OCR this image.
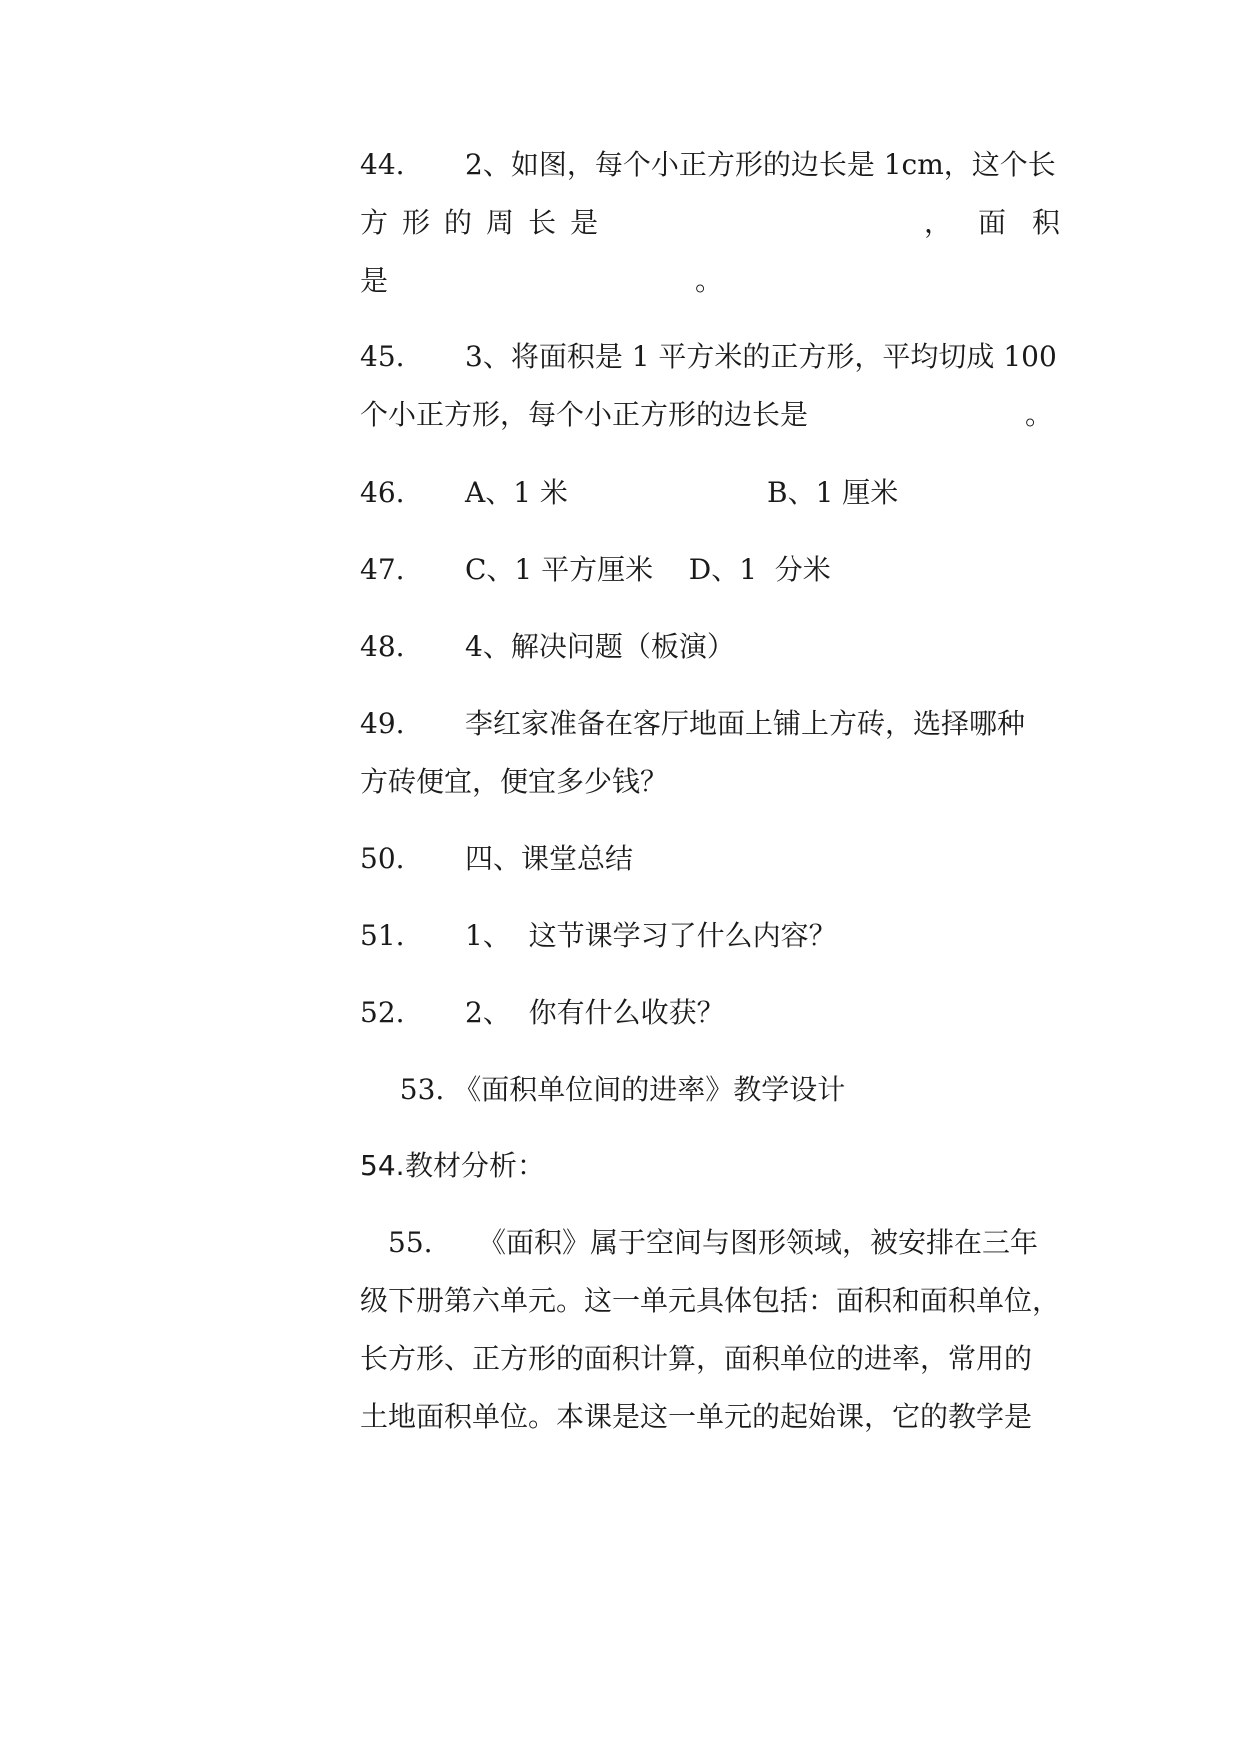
44. 2、如图，每个小正方形的边长是 1cm，这个长
方 形 的 周 长 是	， 面 积
是	。
45. 3、将面积是 1 平方米的正方形，平均切成 100
个小正方形，每个小正方形的边长是	。
46. A、1 米	B、1 厘米
47. C、1 平方厘米    D、1  分米
48. 4、解决问题（板演）
49. 李红家准备在客厅地面上铺上方砖，选择哪种
方砖便宜，便宜多少钱？
50. 四、课堂总结
51. 1、  这节课学习了什么内容？
52. 2、  你有什么收获？
53. 《面积单位间的进率》教学设计
54. 教材分析：
55. 《面积》属于空间与图形领域，被安排在三年
级下册第六单元。这一单元具体包括：面积和面积单位，
长方形、正方形的面积计算，面积单位的进率，常用的
土地面积单位。本课是这一单元的起始课，它的教学是
